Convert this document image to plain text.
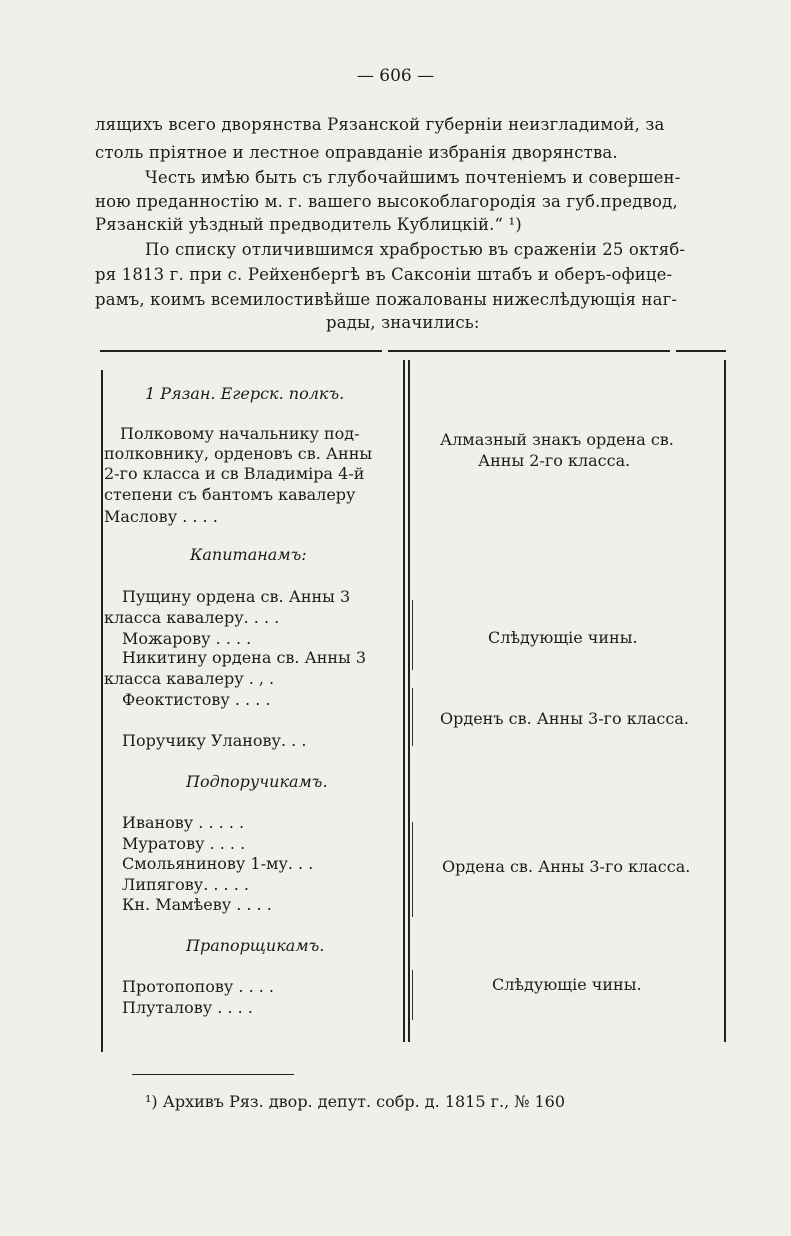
— 606 —
лящихъ всего дворянства Рязанской губерніи неизгладимой, за
столь пріятное и лестное оправданіе избранія дворянства.
Честь имѣю быть съ глубочайшимъ почтеніемъ и совершен-
ною преданностію м. г. вашего высокоблагородія за губ.предвод,
Рязанскій уѣздный предводитель Кублицкій.“ ¹)
По списку отличившимся храбростью въ сраженіи 25 октяб-
ря 1813 г. при с. Рейхенбергѣ въ Саксоніи штабъ и оберъ-офице-
рамъ, коимъ всемилостивѣйше пожалованы нижеслѣдующія наг-
рады, значились:
1 Рязан. Егерск. полкъ.
Полковому начальнику под-
полковнику, орденовъ св. Анны
2-го класса и св Владиміра 4-й
степени съ бантомъ кавалеру
Маслову . . . .
Капитанамъ:
Пущину ордена св. Анны 3
класса кавалеру. . . .
Можарову . . . .
Никитину ордена св. Анны 3
класса кавалеру . , .
Феоктистову . . . .
Поручику Уланову. . .
Подпоручикамъ.
Иванову . . . . .
Муратову . . . .
Смольянинову 1-му. . .
Липягову. . . . .
Кн. Мамѣеву . . . .
Прапорщикамъ.
Протопопову . . . .
Плуталову . . . .
Алмазный знакъ ордена св.
Анны 2-го класса.
Слѣдующіе чины.
Орденъ св. Анны 3-го класса.
Ордена св. Анны 3-го класса.
Слѣдующіе чины.
¹) Архивъ Ряз. двор. депут. собр. д. 1815 г., № 160
